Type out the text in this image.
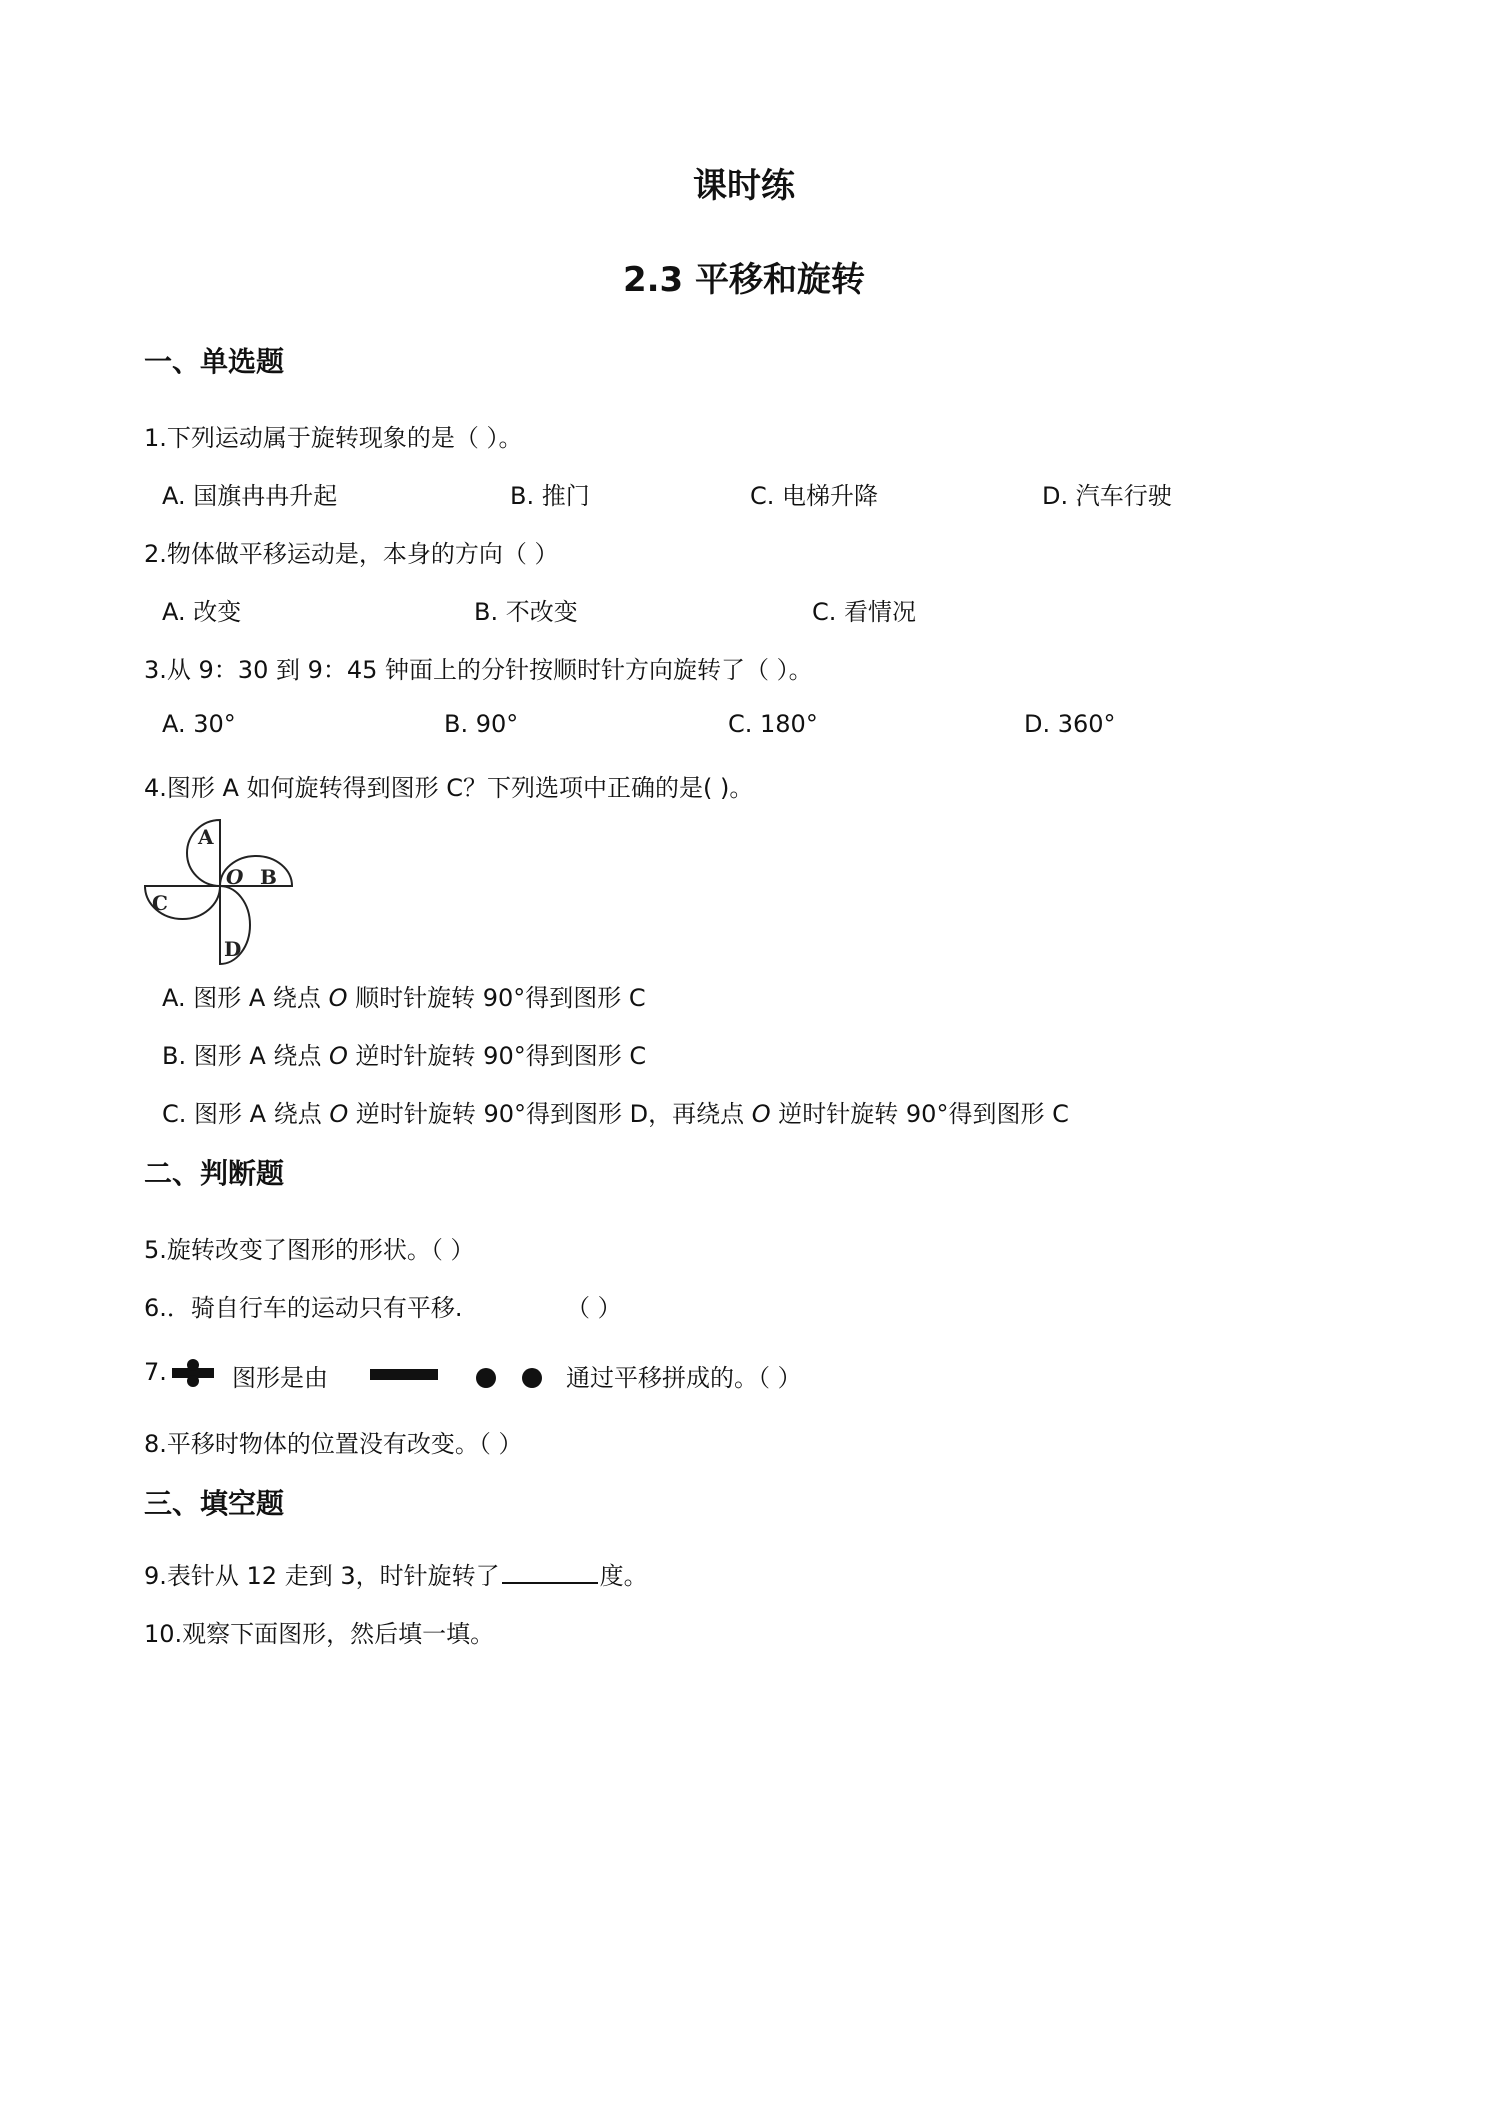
课时练
2.3 平移和旋转
一、单选题
1.下列运动属于旋转现象的是（ ）。
A. 国旗冉冉升起	B. 推门	C. 电梯升降	D. 汽车行驶
2.物体做平移运动是，本身的方向（ ）
A. 改变	B. 不改变	C. 看情况
3.从 9：30 到 9：45 钟面上的分针按顺时针方向旋转了（ ）。
A. 30°	B. 90°	C. 180°	D. 360°
4.图形 A 如何旋转得到图形 C？下列选项中正确的是( )。
A
B
C
D
O
A. 图形 A 绕点 O 顺时针旋转 90°得到图形 C
B. 图形 A 绕点 O 逆时针旋转 90°得到图形 C
C. 图形 A 绕点 O 逆时针旋转 90°得到图形 D，再绕点 O 逆时针旋转 90°得到图形 C
二、判断题
5.旋转改变了图形的形状。（ ）
6.．骑自行车的运动只有平移.	（ ）
7.	图形是由	通过平移拼成的。（ ）
8.平移时物体的位置没有改变。（ ）
三、填空题
9.表针从 12 走到 3，时针旋转了	度。
10.观察下面图形，然后填一填。
